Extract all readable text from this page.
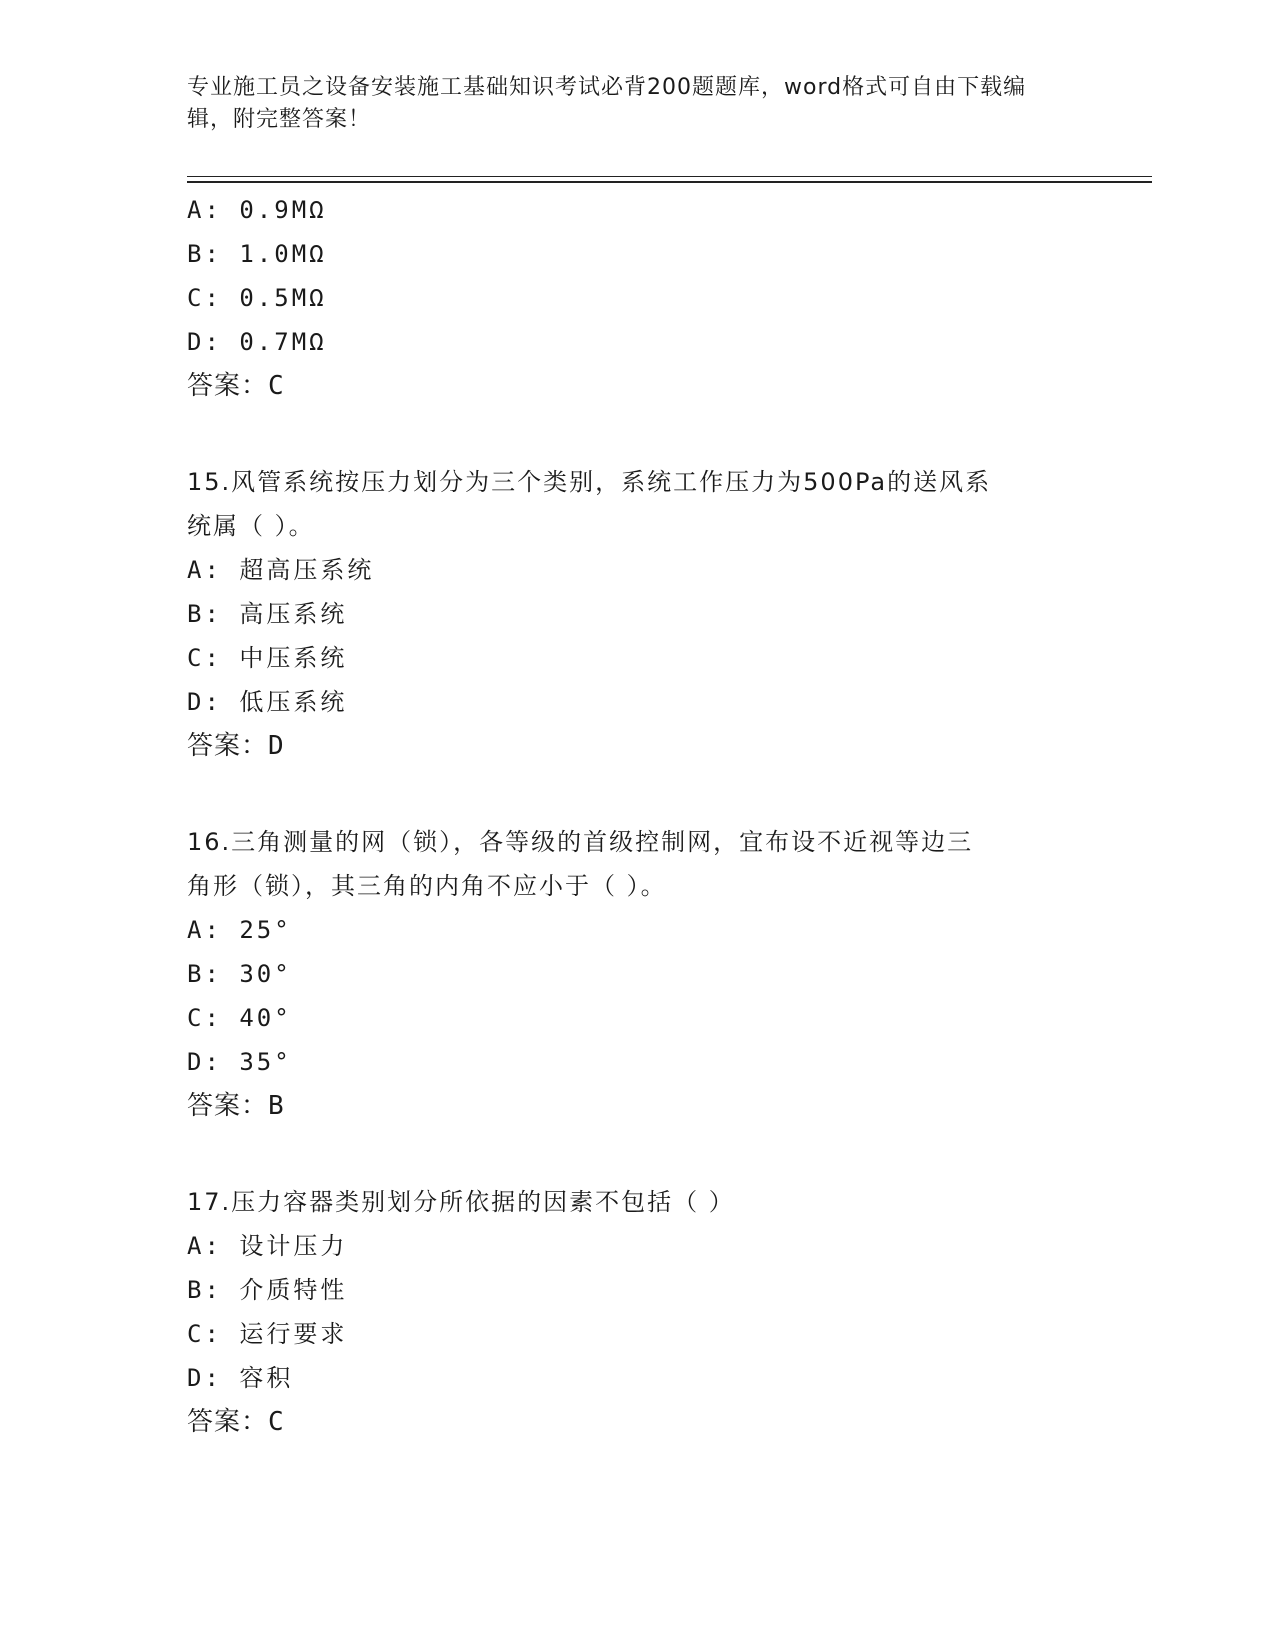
专业施工员之设备安装施工基础知识考试必背200题题库，word格式可自由下载编辑，附完整答案！
A: 0.9MΩ
B: 1.0MΩ
C: 0.5MΩ
D: 0.7MΩ
答案：C
15.风管系统按压力划分为三个类别，系统工作压力为500Pa的送风系
统属（ ）。
A: 超高压系统
B: 高压系统
C: 中压系统
D: 低压系统
答案：D
16.三角测量的网（锁），各等级的首级控制网，宜布设不近视等边三
角形（锁），其三角的内角不应小于（ ）。
A: 25°
B: 30°
C: 40°
D: 35°
答案：B
17.压力容器类别划分所依据的因素不包括（ ）
A: 设计压力
B: 介质特性
C: 运行要求
D: 容积
答案：C
